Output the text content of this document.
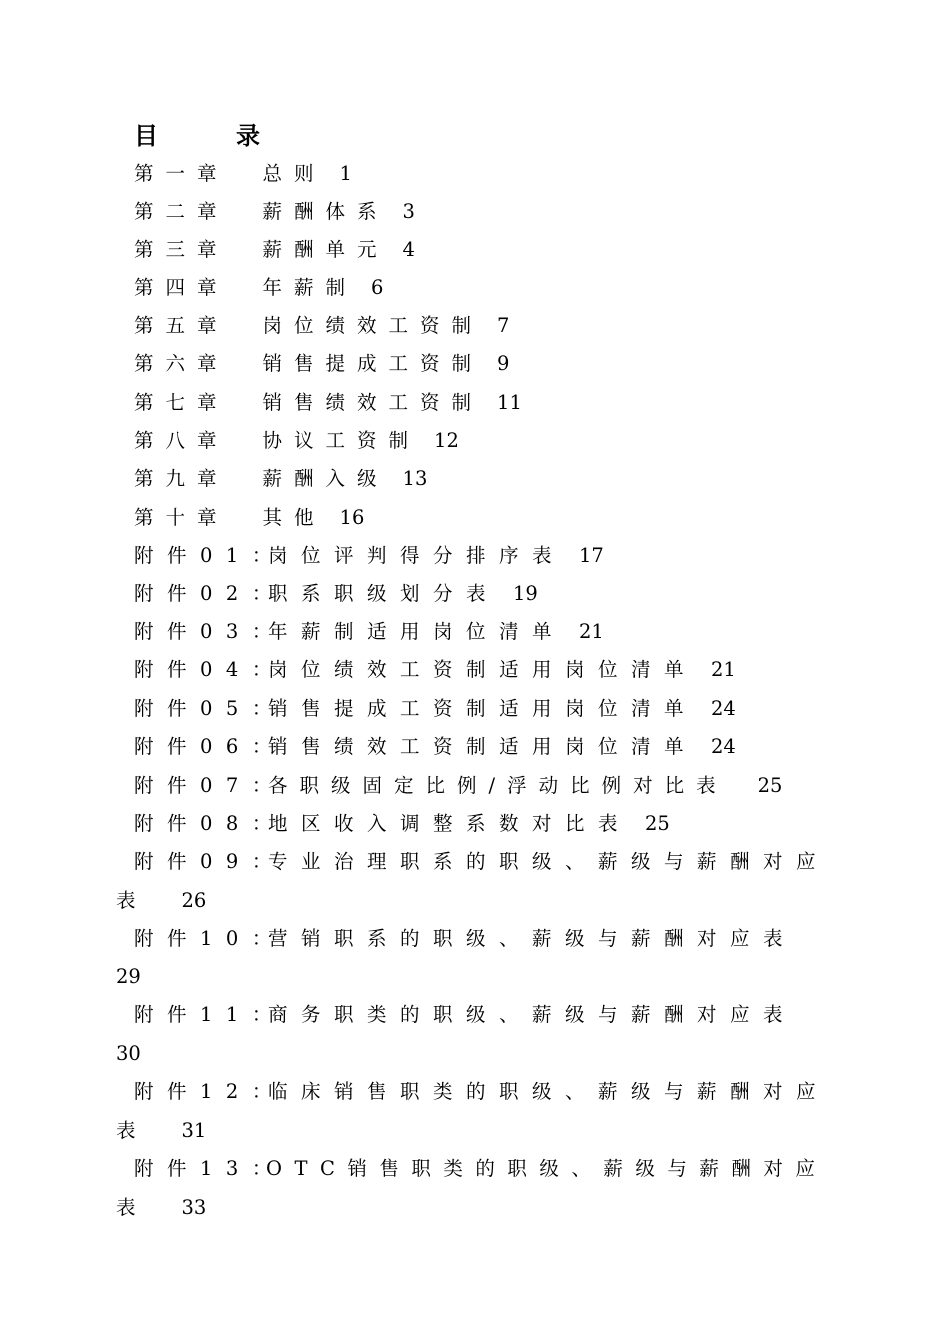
目　录
第一章 总则 1
第二章 薪酬体系 3
第三章 薪酬单元 4
第四章 年薪制 6
第五章 岗位绩效工资制 7
第六章 销售提成工资制 9
第七章 销售绩效工资制 11
第八章 协议工资制 12
第九章 薪酬入级 13
第十章 其他 16
附件01：岗位评判得分排序表 17
附件02：职系职级划分表 19
附件03：年薪制适用岗位清单 21
附件04：岗位绩效工资制适用岗位清单 21
附件05：销售提成工资制适用岗位清单 24
附件06：销售绩效工资制适用岗位清单 24
附件07：各职级固定比例/浮动比例对比表 25
附件08：地区收入调整系数对比表 25
附件09：专业治理职系的职级、薪级与薪酬对应
表 26
附件10：营销职系的职级、薪级与薪酬对应表
29
附件11：商务职类的职级、薪级与薪酬对应表
30
附件12：临床销售职类的职级、薪级与薪酬对应
表 31
附件13：OTC销售职类的职级、薪级与薪酬对应
表 33
